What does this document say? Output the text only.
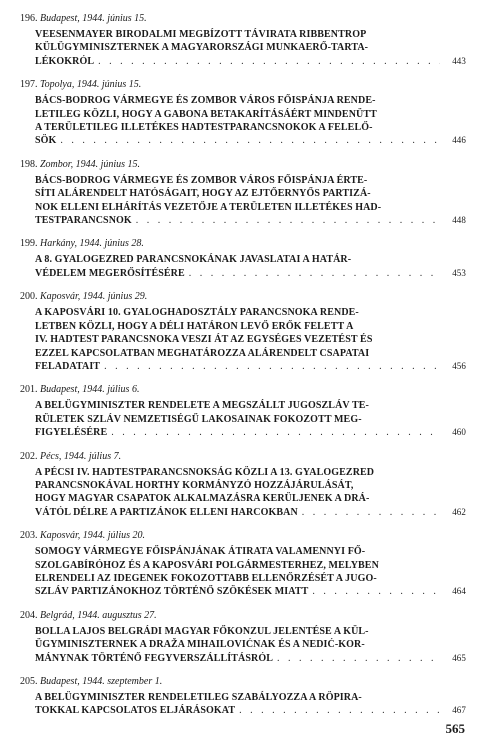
196. Budapest, 1944. június 15.
VEESENMAYER BIRODALMI MEGBÍZOTT TÁVIRATA RIBBENTROP
KÜLÜGYMINISZTERNEK A MAGYARORSZÁGI MUNKAERŐ-TARTA-
LÉKOKRÓL . . .	443
197. Topolya, 1944. június 15.
BÁCS-BODROG VÁRMEGYE ÉS ZOMBOR VÁROS FŐISPÁNJA RENDE-
LETILEG KÖZLI, HOGY A GABONA BETAKARÍTÁSÁÉRT MINDENÜTT
A TERÜLETILEG ILLETÉKES HADTESTPARANCSNOKOK A FELELŐ-
SÖK . . .	446
198. Zombor, 1944. június 15.
BÁCS-BODROG VÁRMEGYE ÉS ZOMBOR VÁROS FŐISPÁNJA ÉRTE-
SÍTI ALÁRENDELT HATÓSÁGAIT, HOGY AZ EJTŐERNYŐS PARTIZÁ-
NOK ELLENI ELHÁRÍTÁS VEZETŐJE A TERÜLETEN ILLETÉKES HAD-
TESTPARANCSNOK . . .	448
199. Harkány, 1944. június 28.
A 8. GYALOGEZRED PARANCSNOKÁNAK JAVASLATAI A HATÁR-
VÉDELEM MEGERŐSÍTÉSÉRE . . .	453
200. Kaposvár, 1944. június 29.
A KAPOSVÁRI 10. GYALOGHADOSZTÁLY PARANCSNOKA RENDE-
LETBEN KÖZLI, HOGY A DÉLI HATÁRON LEVŐ ERŐK FELETT A
IV. HADTEST PARANCSNOKA VESZI ÁT AZ EGYSÉGES VEZETÉST ÉS
EZZEL KAPCSOLATBAN MEGHATÁROZZA ALÁRENDELT CSAPATAI
FELADATAIT . . .	456
201. Budapest, 1944. július 6.
A BELÜGYMINISZTER RENDELETE A MEGSZÁLLT JUGOSZLÁV TE-
RÜLETEK SZLÁV NEMZETISÉGŰ LAKOSAINAK FOKOZOTT MEG-
FIGYELÉSÉRE . . .	460
202. Pécs, 1944. július 7.
A PÉCSI IV. HADTESTPARANCSNOKSÁG KÖZLI A 13. GYALOGEZRED
PARANCSNOKÁVAL HORTHY KORMÁNYZÓ HOZZÁJÁRULÁSÁT,
HOGY MAGYAR CSAPATOK ALKALMAZÁSRA KERÜLJENEK A DRÁ-
VÁTÓL DÉLRE A PARTIZÁNOK ELLENI HARCOKBAN . . .	462
203. Kaposvár, 1944. július 20.
SOMOGY VÁRMEGYE FŐISPÁNJÁNAK ÁTIRATA VALAMENNYI FŐ-
SZOLGABÍRÓHOZ ÉS A KAPOSVÁRI POLGÁRMESTERHEZ, MELYBEN
ELRENDELI AZ IDEGENEK FOKOZOTTABB ELLENŐRZÉSÉT A JUGO-
SZLÁV PARTIZÁNOKHOZ TÖRTÉNŐ SZÖKÉSEK MIATT . . .	464
204. Belgrád, 1944. augusztus 27.
BOLLA LAJOS BELGRÁDI MAGYAR FŐKONZUL JELENTÉSE A KÜL-
ÜGYMINISZTERNEK A DRAŽA MIHAILOVIĆNAK ÉS A NEDIĆ-KOR-
MÁNYNAK TÖRTÉNŐ FEGYVERSZÁLLÍTÁSRÓL . . .	465
205. Budapest, 1944. szeptember 1.
A BELÜGYMINISZTER RENDELETILEG SZABÁLYOZZA A RÖPIRA-
TOKKAL KAPCSOLATOS ELJÁRÁSOKAT . . .	467
565
